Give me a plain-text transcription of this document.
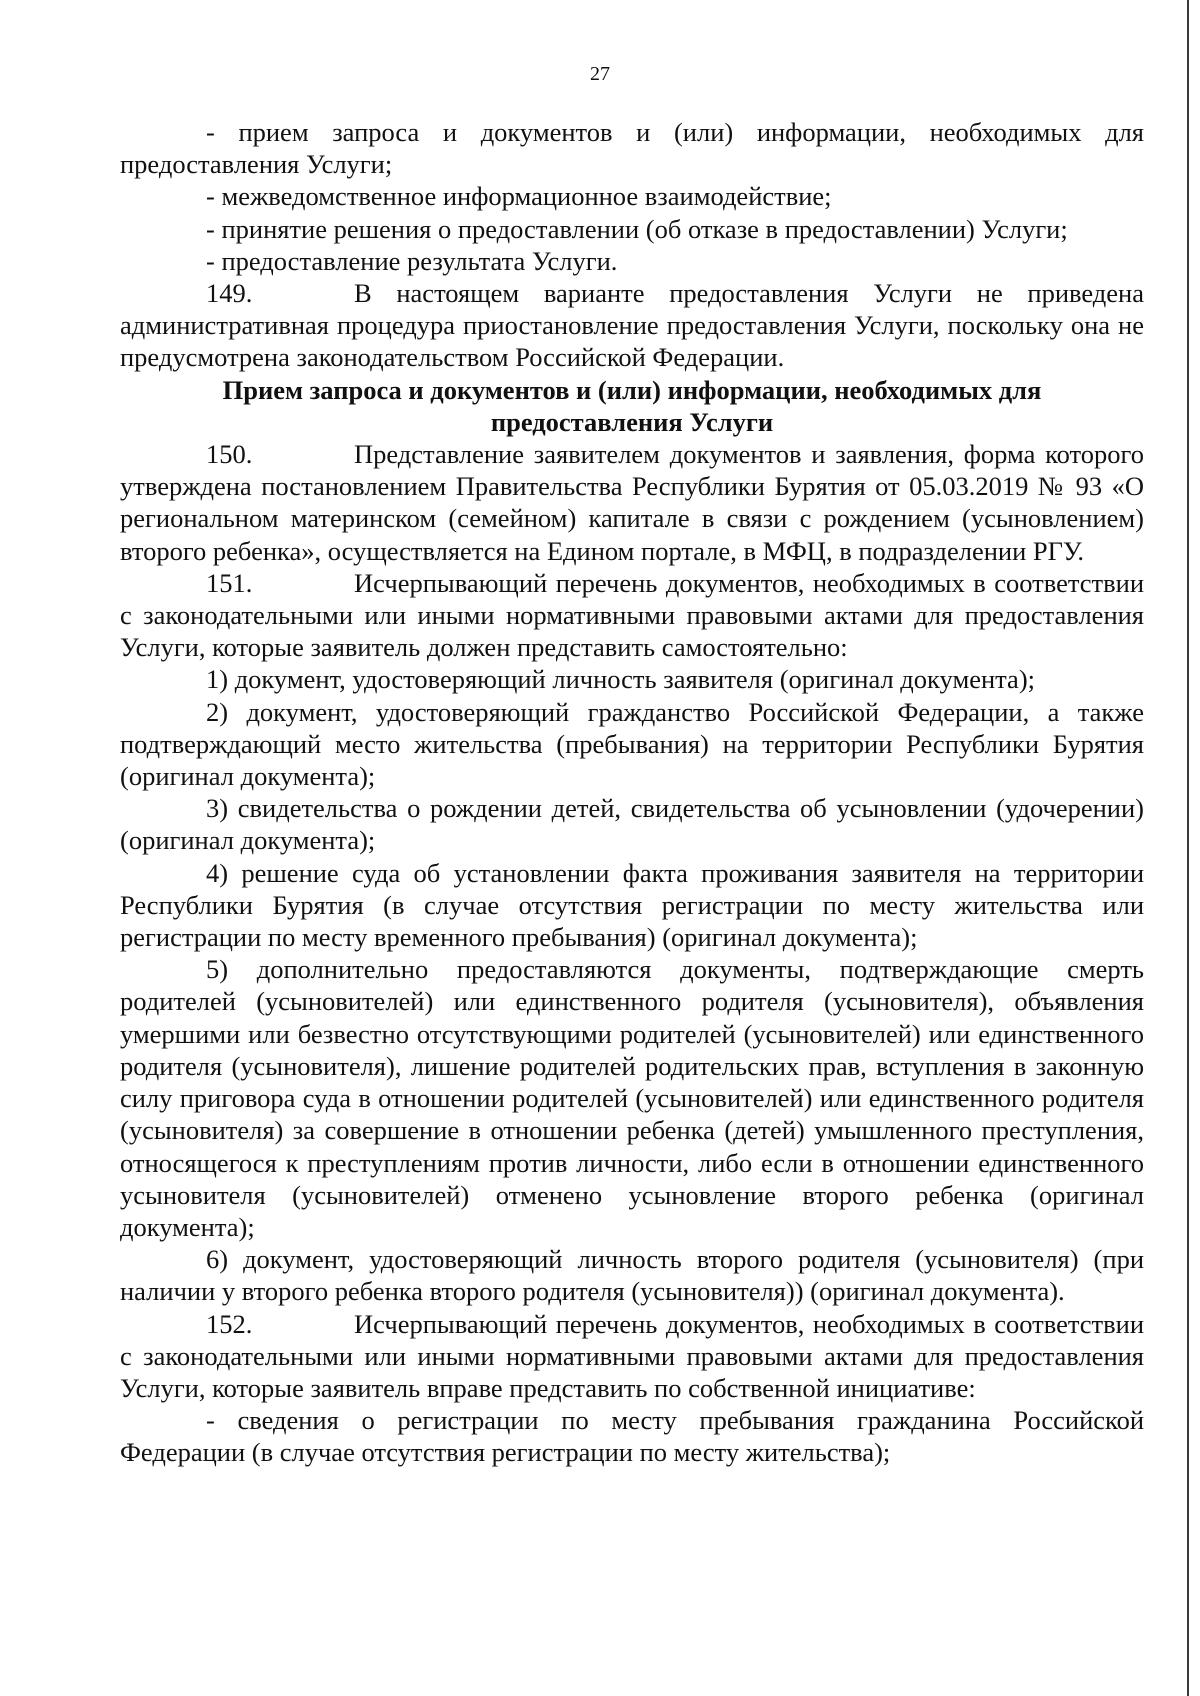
27

- прием запроса и документов и (или) информации, необходимых для предоставления Услуги;

- межведомственное информационное взаимодействие;

- принятие решения о предоставлении (об отказе в предоставлении) Услуги;

- предоставление результата Услуги.

149.	В настоящем варианте предоставления Услуги не приведена административная процедура приостановление предоставления Услуги, поскольку она не предусмотрена законодательством Российской Федерации.

Прием запроса и документов и (или) информации, необходимых для предоставления Услуги

150.	Представление заявителем документов и заявления, форма которого утверждена постановлением Правительства Республики Бурятия от 05.03.2019 № 93 «О региональном материнском (семейном) капитале в связи с рождением (усыновлением) второго ребенка», осуществляется на Едином портале, в МФЦ, в подразделении РГУ.

151.	Исчерпывающий перечень документов, необходимых в соответствии с законодательными или иными нормативными правовыми актами для предоставления Услуги, которые заявитель должен представить самостоятельно:

1) документ, удостоверяющий личность заявителя (оригинал документа);

2) документ, удостоверяющий гражданство Российской Федерации, а также подтверждающий место жительства (пребывания) на территории Республики Бурятия (оригинал документа);

3) свидетельства о рождении детей, свидетельства об усыновлении (удочерении) (оригинал документа);

4) решение суда об установлении факта проживания заявителя на территории Республики Бурятия (в случае отсутствия регистрации по месту жительства или регистрации по месту временного пребывания) (оригинал документа);

5) дополнительно предоставляются документы, подтверждающие смерть родителей (усыновителей) или единственного родителя (усыновителя), объявления умершими или безвестно отсутствующими родителей (усыновителей) или единственного родителя (усыновителя), лишение родителей родительских прав, вступления в законную силу приговора суда в отношении родителей (усыновителей) или единственного родителя (усыновителя) за совершение в отношении ребенка (детей) умышленного преступления, относящегося к преступлениям против личности, либо если в отношении единственного усыновителя (усыновителей) отменено усыновление второго ребенка (оригинал документа);

6) документ, удостоверяющий личность второго родителя (усыновителя) (при наличии у второго ребенка второго родителя (усыновителя)) (оригинал документа).

152.	Исчерпывающий перечень документов, необходимых в соответствии с законодательными или иными нормативными правовыми актами для предоставления Услуги, которые заявитель вправе представить по собственной инициативе:

- сведения о регистрации по месту пребывания гражданина Российской Федерации (в случае отсутствия регистрации по месту жительства);
